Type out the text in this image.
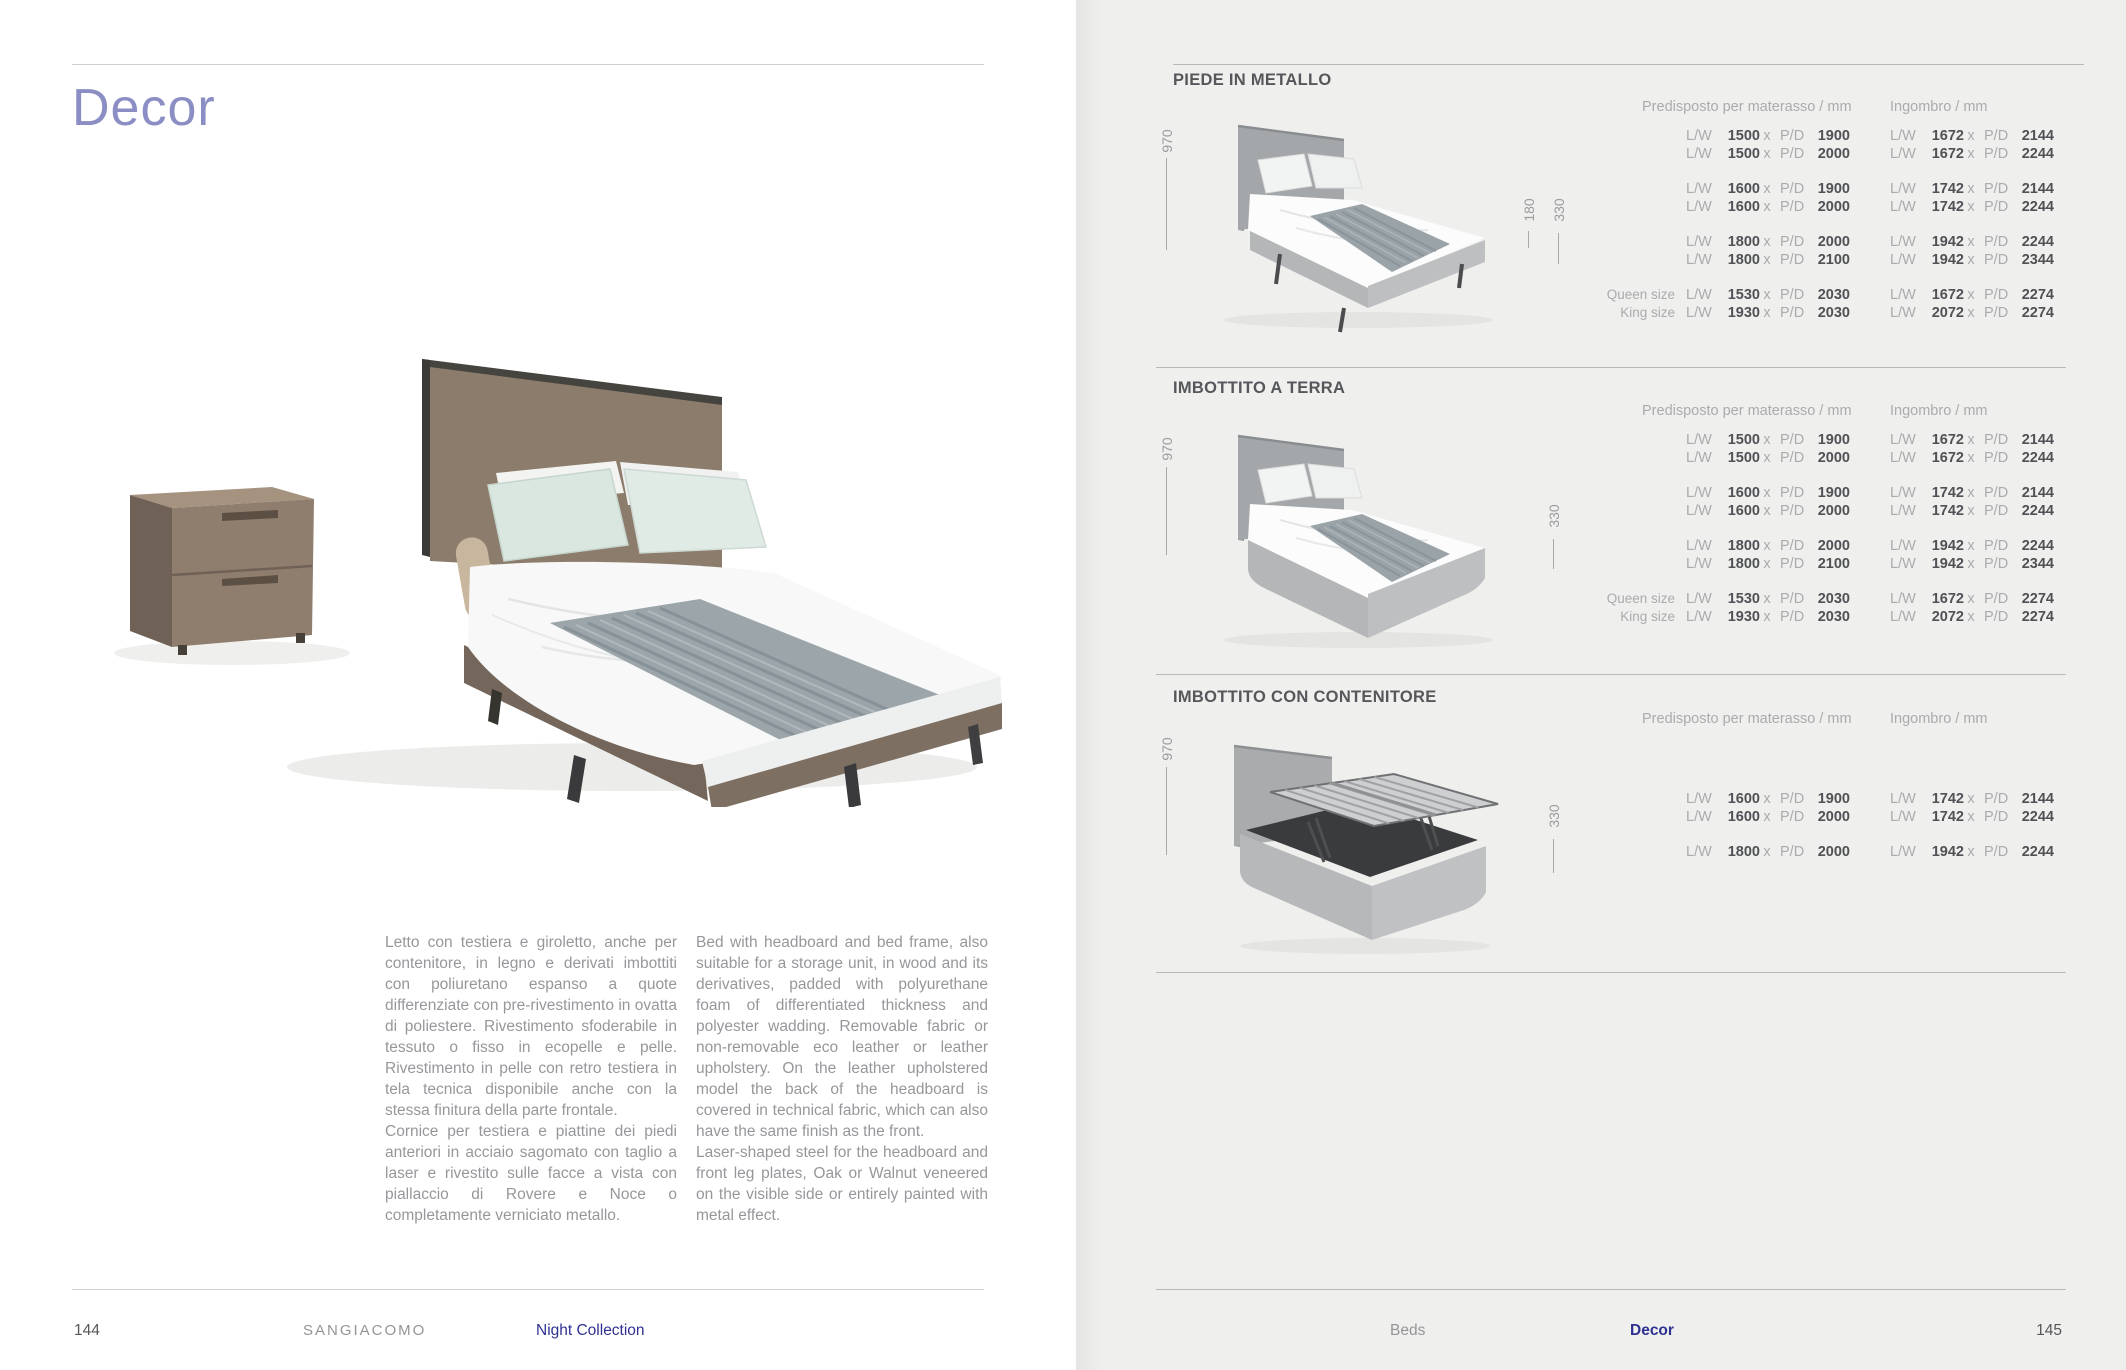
Decor

Letto con testiera e giroletto, anche per contenitore, in legno e derivati imbottiti con poliuretano espanso a quote differenziate con pre-rivestimento in ovatta di poliestere. Rivestimento sfoderabile in tessuto o fisso in ecopelle e pelle. Rivestimento in pelle con retro testiera in tela tecnica disponibile anche con la stessa finitura della parte frontale.

Cornice per testiera e piattine dei piedi anteriori in acciaio sagomato con taglio a laser e rivestito sulle facce a vista con piallaccio di Rovere e Noce o completamente verniciato metallo.

Bed with headboard and bed frame, also suitable for a storage unit, in wood and its derivatives, padded with polyurethane foam of differentiated thickness and polyester wadding. Removable fabric or non-removable eco leather or leather upholstery. On the leather upholstered model the back of the headboard is covered in technical fabric, which can also have the same finish as the front.

Laser-shaped steel for the headboard and front leg plates, Oak or Walnut veneered on the visible side or entirely painted with metal effect.

144	SANGIACOMO	Night Collection
PIEDE IN METALLO
Predisposto per materasso / mm	Ingombro / mm
970
180 330
L/W	1500 x P/D 1900	L/W	1672 x P/D 2144
L/W	1500 x P/D 2000	L/W	1672 x P/D 2244
L/W	1600 x P/D 1900	L/W	1742 x P/D 2144
L/W	1600 x P/D 2000	L/W	1742 x P/D 2244
L/W	1800 x P/D 2000	L/W	1942 x P/D 2244
L/W	1800 x P/D 2100	L/W	1942 x P/D 2344
Queen size L/W	1530 x P/D 2030	L/W	1672 x P/D 2274
King size L/W	1930 x P/D 2030	L/W	2072 x P/D 2274
IMBOTTITO A TERRA
Predisposto per materasso / mm	Ingombro / mm
970
330
L/W	1500 x P/D 1900	L/W	1672 x P/D 2144
L/W	1500 x P/D 2000	L/W	1672 x P/D 2244
L/W	1600 x P/D 1900	L/W	1742 x P/D 2144
L/W	1600 x P/D 2000	L/W	1742 x P/D 2244
L/W	1800 x P/D 2000	L/W	1942 x P/D 2244
L/W	1800 x P/D 2100	L/W	1942 x P/D 2344
Queen size L/W	1530 x P/D 2030	L/W	1672 x P/D 2274
King size L/W	1930 x P/D 2030	L/W	2072 x P/D 2274
IMBOTTITO CON CONTENITORE
Predisposto per materasso / mm	Ingombro / mm
970
330
L/W	1600 x P/D 1900	L/W	1742 x P/D 2144
L/W	1600 x P/D 2000	L/W	1742 x P/D 2244
L/W	1800 x P/D 2000	L/W	1942 x P/D 2244
Beds	Decor	145
